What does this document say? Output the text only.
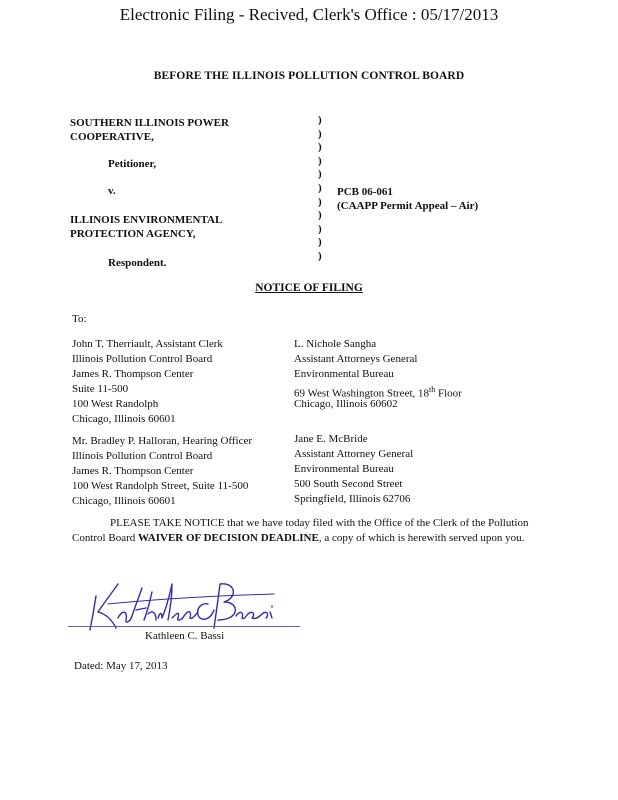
Electronic Filing - Recived, Clerk's Office : 05/17/2013
BEFORE THE ILLINOIS POLLUTION CONTROL BOARD
SOUTHERN ILLINOIS POWER
COOPERATIVE,
Petitioner,
v.
ILLINOIS ENVIRONMENTAL
PROTECTION AGENCY,
Respondent.
)
)
)
)
)
)
)
)
)
)
)
PCB 06-061
(CAAPP Permit Appeal – Air)
NOTICE OF FILING
To:
John T. Therriault, Assistant Clerk
Illinois Pollution Control Board
James R. Thompson Center
Suite 11-500
100 West Randolph
Chicago, Illinois 60601
L. Nichole Sangha
Assistant Attorneys General
Environmental Bureau
69 West Washington Street, 18th Floor
Chicago, Illinois 60602
Mr. Bradley P. Halloran, Hearing Officer
Illinois Pollution Control Board
James R. Thompson Center
100 West Randolph Street, Suite 11-500
Chicago, Illinois 60601
Jane E. McBride
Assistant Attorney General
Environmental Bureau
500 South Second Street
Springfield, Illinois 62706
PLEASE TAKE NOTICE that we have today filed with the Office of the Clerk of the Pollution Control Board WAIVER OF DECISION DEADLINE, a copy of which is herewith served upon you.
Kathleen C. Bassi
Dated: May 17, 2013
